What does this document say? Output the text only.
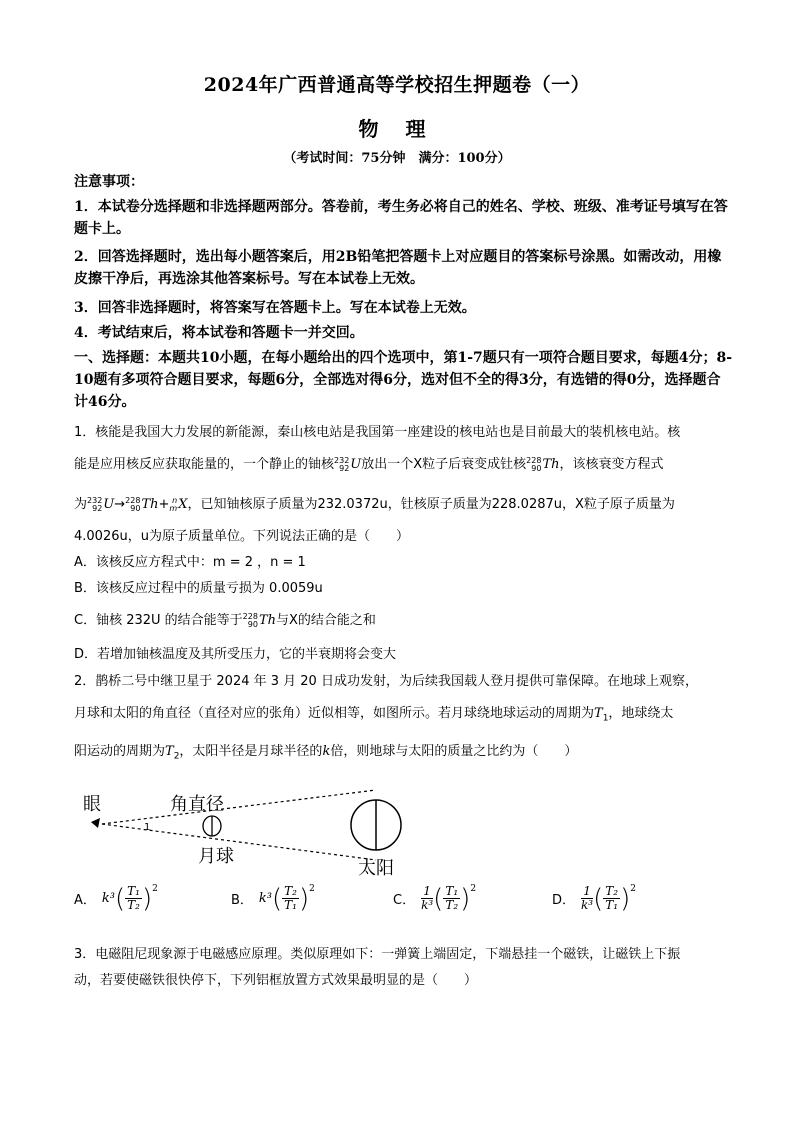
2024年广西普通高等学校招生押题卷（一）
物 理
（考试时间：75分钟　满分：100分）
注意事项：
1．本试卷分选择题和非选择题两部分。答卷前，考生务必将自己的姓名、学校、班级、准考证号填写在答题卡上。
2．回答选择题时，选出每小题答案后，用2B铅笔把答题卡上对应题目的答案标号涂黑。如需改动，用橡皮擦干净后，再选涂其他答案标号。写在本试卷上无效。
3．回答非选择题时，将答案写在答题卡上。写在本试卷上无效。
4．考试结束后，将本试卷和答题卡一并交回。
一、选择题：本题共10小题，在每小题给出的四个选项中，第1-7题只有一项符合题目要求，每题4分；8-10题有多项符合题目要求，每题6分，全部选对得6分，选对但不全的得3分，有选错的得0分，选择题合计46分。
1．核能是我国大力发展的新能源，秦山核电站是我国第一座建设的核电站也是目前最大的装机核电站。核
能是应用核反应获取能量的，一个静止的铀核 232
92 U放出一个X粒子后衰变成钍核 228
90 Th，该核衰变方程式
为 232
92 U→ 228
90 Th+ n
m X，已知铀核原子质量为232.0372u，钍核原子质量为228.0287u，X粒子原子质量为
4.0026u，u为原子质量单位。下列说法正确的是（　　）
A．该核反应方程式中：m = 2 ，n = 1
B．该核反应过程中的质量亏损为 0.0059u
C．铀核 232U 的结合能等于 228
90 Th与X的结合能之和
D．若增加铀核温度及其所受压力，它的半衰期将会变大
2．鹊桥二号中继卫星于 2024 年 3 月 20 日成功发射，为后续我国载人登月提供可靠保障。在地球上观察，
月球和太阳的角直径（直径对应的张角）近似相等，如图所示。若月球绕地球运动的周期为$T_1$，地球绕太
阳运动的周期为$T_2$，太阳半径是月球半径的k倍，则地球与太阳的质量之比约为（　　）
眼
1
角直径
月球
太阳
A． k³ ( $\frac{\text{T₁}}{\text{T₂}}$ ) 2
B． k³ ( $\frac{\text{T₂}}{\text{T₁}}$ ) 2
C． $\frac{1}{\text{k³}}$ ( $\frac{\text{T₁}}{\text{T₂}}$ ) 2
D． $\frac{1}{\text{k³}}$ ( $\frac{\text{T₂}}{\text{T₁}}$ ) 2
3．电磁阻尼现象源于电磁感应原理。类似原理如下：一弹簧上端固定，下端悬挂一个磁铁，让磁铁上下振
动，若要使磁铁很快停下，下列铝框放置方式效果最明显的是（　　）
